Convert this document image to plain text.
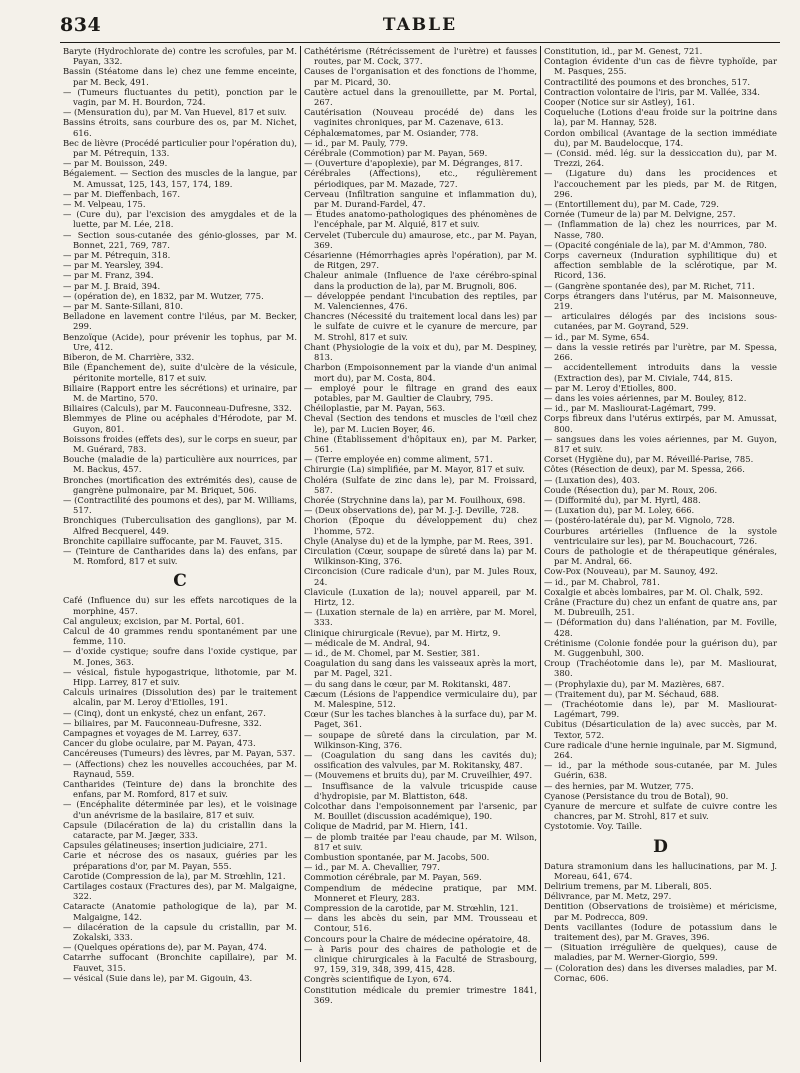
834	TABLE

Baryte (Hydrochlorate de) contre les scrofules, par M. Payan, 332.

Bassin (Stéatome dans le) chez une femme enceinte, par M. Beck, 491.

— (Tumeurs fluctuantes du petit), ponction par le vagin, par M. H. Bourdon, 724.

— (Mensuration du), par M. Van Huevel, 817 et suiv.

Bassins étroits, sans courbure des os, par M. Nichet, 616.

Bec de lièvre (Procédé particulier pour l'opération du), par M. Pétrequin, 133.

— par M. Bouisson, 249.

Bégaiement. — Section des muscles de la langue, par M. Amussat, 125, 143, 157, 174, 189.

— par M. Dieffenbach, 167.

— M. Velpeau, 175.

— (Cure du), par l'excision des amygdales et de la luette, par M. Lée, 218.

— Section sous-cutanée des génio-glosses, par M. Bonnet, 221, 769, 787.

— par M. Pétrequin, 318.

— par M. Yearsley, 394.

— par M. Franz, 394.

— par M. J. Braid, 394.

— (opération de), en 1832, par M. Wutzer, 775.

— par M. Sante-Sillani, 810.

Belladone en lavement contre l'iléus, par M. Becker, 299.

Benzoïque (Acide), pour prévenir les tophus, par M. Ure, 412.

Biberon, de M. Charrière, 332.

Bile (Épanchement de), suite d'ulcère de la vésicule, péritonite mortelle, 817 et suiv.

Biliaire (Rapport entre les sécrétions) et urinaire, par M. de Martino, 570.

Biliaires (Calculs), par M. Fauconneau-Dufresne, 332.

Blemmyes de Pline ou acéphales d'Hérodote, par M. Guyon, 801.

Boissons froides (effets des), sur le corps en sueur, par M. Guérard, 783.

Bouche (maladie de la) particulière aux nourrices, par M. Backus, 457.

Bronches (mortification des extrémités des), cause de gangrène pulmonaire, par M. Briquet, 506.

— (Contractilité des poumons et des), par M. Williams, 517.

Bronchiques (Tuberculisation des ganglions), par M. Alfred Becquerel, 449.

Bronchite capillaire suffocante, par M. Fauvet, 315.

— (Teinture de Cantharides dans la) des enfans, par M. Romford, 817 et suiv.

C

Café (Influence du) sur les effets narcotiques de la morphine, 457.

Cal anguleux; excision, par M. Portal, 601.

Calcul de 40 grammes rendu spontanément par une femme, 110.

— d'oxide cystique; soufre dans l'oxide cystique, par M. Jones, 363.

— vésical, fistule hypogastrique, lithotomie, par M. Hipp. Larrey, 817 et suiv.

Calculs urinaires (Dissolution des) par le traitement alcalin, par M. Leroy d'Etiolles, 191.

— (Cinq), dont un enkysté, chez un enfant, 267.

— biliaires, par M. Fauconneau-Dufresne, 332.

Campagnes et voyages de M. Larrey, 637.

Cancer du globe oculaire, par M. Payan, 473.

Cancéreuses (Tumeurs) des lèvres, par M. Payan, 537.

— (Affections) chez les nouvelles accouchées, par M. Raynaud, 559.

Cantharides (Teinture de) dans la bronchite des enfans, par M. Romford, 817 et suiv.

— (Encéphalite déterminée par les), et le voisinage d'un anévrisme de la basilaire, 817 et suiv.

Capsule (Dilacération de la) du cristallin dans la cataracte, par M. Jæger, 333.

Capsules gélatineuses; insertion judiciaire, 271.

Carie et nécrose des os nasaux, guéries par les préparations d'or, par M. Payan, 555.

Carotide (Compression de la), par M. Strœhlin, 121.

Cartilages costaux (Fractures des), par M. Malgaigne, 322.

Cataracte (Anatomie pathologique de la), par M. Malgaigne, 142.

— dilacération de la capsule du cristallin, par M. Zokalski, 333.

— (Quelques opérations de), par M. Payan, 474.

Catarrhe suffocant (Bronchite capillaire), par M. Fauvet, 315.

— vésical (Suie dans le), par M. Gigouin, 43.

Cathétérisme (Rétrécissement de l'urètre) et fausses routes, par M. Cock, 377.

Causes de l'organisation et des fonctions de l'homme, par M. Picard, 30.

Cautère actuel dans la grenouillette, par M. Portal, 267.

Cautérisation (Nouveau procédé de) dans les vaginites chroniques, par M. Cazenave, 613.

Céphalœmatomes, par M. Osiander, 778.

— id., par M. Pauly, 779.

Cérébrale (Commotion) par M. Payan, 569.

— (Ouverture d'apoplexie), par M. Dégranges, 817.

Cérébrales (Affections), etc., régulièrement périodiques, par M. Mazade, 727.

Cerveau (Infiltration sanguine et inflammation du), par M. Durand-Fardel, 47.

— Études anatomo-pathologiques des phénomènes de l'encéphale, par M. Alquié, 817 et suiv.

Cervelet (Tubercule du) amaurose, etc., par M. Payan, 369.

Césarienne (Hémorrhagies après l'opération), par M. de Ritgen, 297.

Chaleur animale (Influence de l'axe cérébro-spinal dans la production de la), par M. Brugnoli, 806.

— développée pendant l'incubation des reptiles, par M. Valenciennes, 476.

Chancres (Nécessité du traitement local dans les) par le sulfate de cuivre et le cyanure de mercure, par M. Strohl, 817 et suiv.

Chant (Physiologie de la voix et du), par M. Despiney, 813.

Charbon (Empoisonnement par la viande d'un animal mort du), par M. Costa, 804.

— employé pour le filtrage en grand des eaux potables, par M. Gaultier de Claubry, 795.

Chéiloplastie, par M. Payan, 563.

Cheval (Section des tendons et muscles de l'œil chez le), par M. Lucien Boyer, 46.

Chine (Établissement d'hôpitaux en), par M. Parker, 561.

— (Terre employée en) comme aliment, 571.

Chirurgie (La) simplifiée, par M. Mayor, 817 et suiv.

Choléra (Sulfate de zinc dans le), par M. Froissard, 587.

Chorée (Strychnine dans la), par M. Fouilhoux, 698.

— (Deux observations de), par M. J.-J. Deville, 728.

Chorion (Époque du développement du) chez l'homme, 572.

Chyle (Analyse du) et de la lymphe, par M. Rees, 391.

Circulation (Cœur, soupape de sûreté dans la) par M. Wilkinson-King, 376.

Circoncision (Cure radicale d'un), par M. Jules Roux, 24.

Clavicule (Luxation de la); nouvel appareil, par M. Hirtz, 12.

— (Luxation sternale de la) en arrière, par M. Morel, 333.

Clinique chirurgicale (Revue), par M. Hirtz, 9.

— médicale de M. Andral, 94.

— id., de M. Chomel, par M. Sestier, 381.

Coagulation du sang dans les vaisseaux après la mort, par M. Pagel, 321.

— du sang dans le cœur, par M. Rokitanski, 487.

Cæcum (Lésions de l'appendice vermiculaire du), par M. Malespine, 512.

Cœur (Sur les taches blanches à la surface du), par M. Paget, 361.

— soupape de sûreté dans la circulation, par M. Wilkinson-King, 376.

— (Coagulation du sang dans les cavités du); ossification des valvules, par M. Rokitansky, 487.

— (Mouvemens et bruits du), par M. Cruveilhier, 497.

— Insuffisance de la valvule tricuspide cause d'hydropisie, par M. Blattiston, 648.

Colcothar dans l'empoisonnement par l'arsenic, par M. Bouillet (discussion académique), 190.

Colique de Madrid, par M. Hiern, 141.

— de plomb traitée par l'eau chaude, par M. Wilson, 817 et suiv.

Combustion spontanée, par M. Jacobs, 500.

— id., par M. A. Chevallier, 797.

Commotion cérébrale, par M. Payan, 569.

Compendium de médecine pratique, par MM. Monneret et Fleury, 283.

Compression de la carotide, par M. Strœhlin, 121.

— dans les abcès du sein, par MM. Trousseau et Contour, 516.

Concours pour la Chaire de médecine opératoire, 48.

— à Paris pour des chaires de pathologie et de clinique chirurgicales à la Faculté de Strasbourg, 97, 159, 319, 348, 399, 415, 428.

Congrès scientifique de Lyon, 674.

Constitution médicale du premier trimestre 1841, 369.

Constitution, id., par M. Genest, 721.

Contagion évidente d'un cas de fièvre typhoïde, par M. Pasques, 255.

Contractilité des poumons et des bronches, 517.

Contraction volontaire de l'iris, par M. Vallée, 334.

Cooper (Notice sur sir Astley), 161.

Coqueluche (Lotions d'eau froide sur la poitrine dans la), par M. Hannay, 528.

Cordon ombilical (Avantage de la section immédiate du), par M. Baudelocque, 174.

— (Consid. méd. lég. sur la dessiccation du), par M. Trezzi, 264.

— (Ligature du) dans les procidences et l'accouchement par les pieds, par M. de Ritgen, 296.

— (Entortillement du), par M. Cade, 729.

Cornée (Tumeur de la) par M. Delvigne, 257.

— (Inflammation de la) chez les nourrices, par M. Nasse, 780.

— (Opacité congéniale de la), par M. d'Ammon, 780.

Corps caverneux (Induration syphilitique du) et affection semblable de la sclérotique, par M. Ricord, 136.

— (Gangrène spontanée des), par M. Richet, 711.

Corps étrangers dans l'utérus, par M. Maisonneuve, 219.

— articulaires délogés par des incisions sous-cutanées, par M. Goyrand, 529.

— id., par M. Syme, 654.

— dans la vessie retirés par l'urètre, par M. Spessa, 266.

— accidentellement introduits dans la vessie (Extraction des), par M. Civiale, 744, 815.

— par M. Leroy d'Etiolles, 800.

— dans les voies aériennes, par M. Bouley, 812.

— id., par M. Masliourat-Lagémart, 799.

Corps fibreux dans l'utérus extirpés, par M. Amussat, 800.

— sangsues dans les voies aériennes, par M. Guyon, 817 et suiv.

Corset (Hygiène du), par M. Réveillé-Parise, 785.

Côtes (Résection de deux), par M. Spessa, 266.

— (Luxation des), 403.

Coude (Résection du), par M. Roux, 206.

— (Difformité du), par M. Hyrtl, 488.

— (Luxation du), par M. Loley, 666.

— (postéro-latérale du), par M. Vignolo, 728.

Courbures artérielles (Influence de la systole ventriculaire sur les), par M. Bouchacourt, 726.

Cours de pathologie et de thérapeutique générales, par M. Andral, 66.

Cow-Pox (Nouveau), par M. Saunoy, 492.

— id., par M. Chabrol, 781.

Coxalgie et abcès lombaires, par M. Ol. Chalk, 592.

Crâne (Fracture du) chez un enfant de quatre ans, par M. Dubreuilh, 251.

— (Déformation du) dans l'aliénation, par M. Foville, 428.

Crétinisme (Colonie fondée pour la guérison du), par M. Guggenbuhl, 300.

Croup (Trachéotomie dans le), par M. Masliourat, 380.

— (Prophylaxie du), par M. Mazières, 687.

— (Traitement du), par M. Séchaud, 688.

— (Trachéotomie dans le), par M. Masliourat-Lagémart, 799.

Cubitus (Désarticulation de la) avec succès, par M. Textor, 572.

Cure radicale d'une hernie inguinale, par M. Sigmund, 264.

— id., par la méthode sous-cutanée, par M. Jules Guérin, 638.

— des hernies, par M. Wutzer, 775.

Cyanose (Persistance du trou de Botal), 90.

Cyanure de mercure et sulfate de cuivre contre les chancres, par M. Strohl, 817 et suiv.

Cystotomie. Voy. Taille.

D

Datura stramonium dans les hallucinations, par M. J. Moreau, 641, 674.

Delirium tremens, par M. Liberali, 805.

Délivrance, par M. Metz, 297.

Dentition (Observations de troisième) et méricisme, par M. Podrecca, 809.

Dents vacillantes (Iodure de potassium dans le traitement des), par M. Graves, 396.

— (Situation irrégulière de quelques), cause de maladies, par M. Werner-Giorgio, 599.

— (Coloration des) dans les diverses maladies, par M. Cornac, 606.
